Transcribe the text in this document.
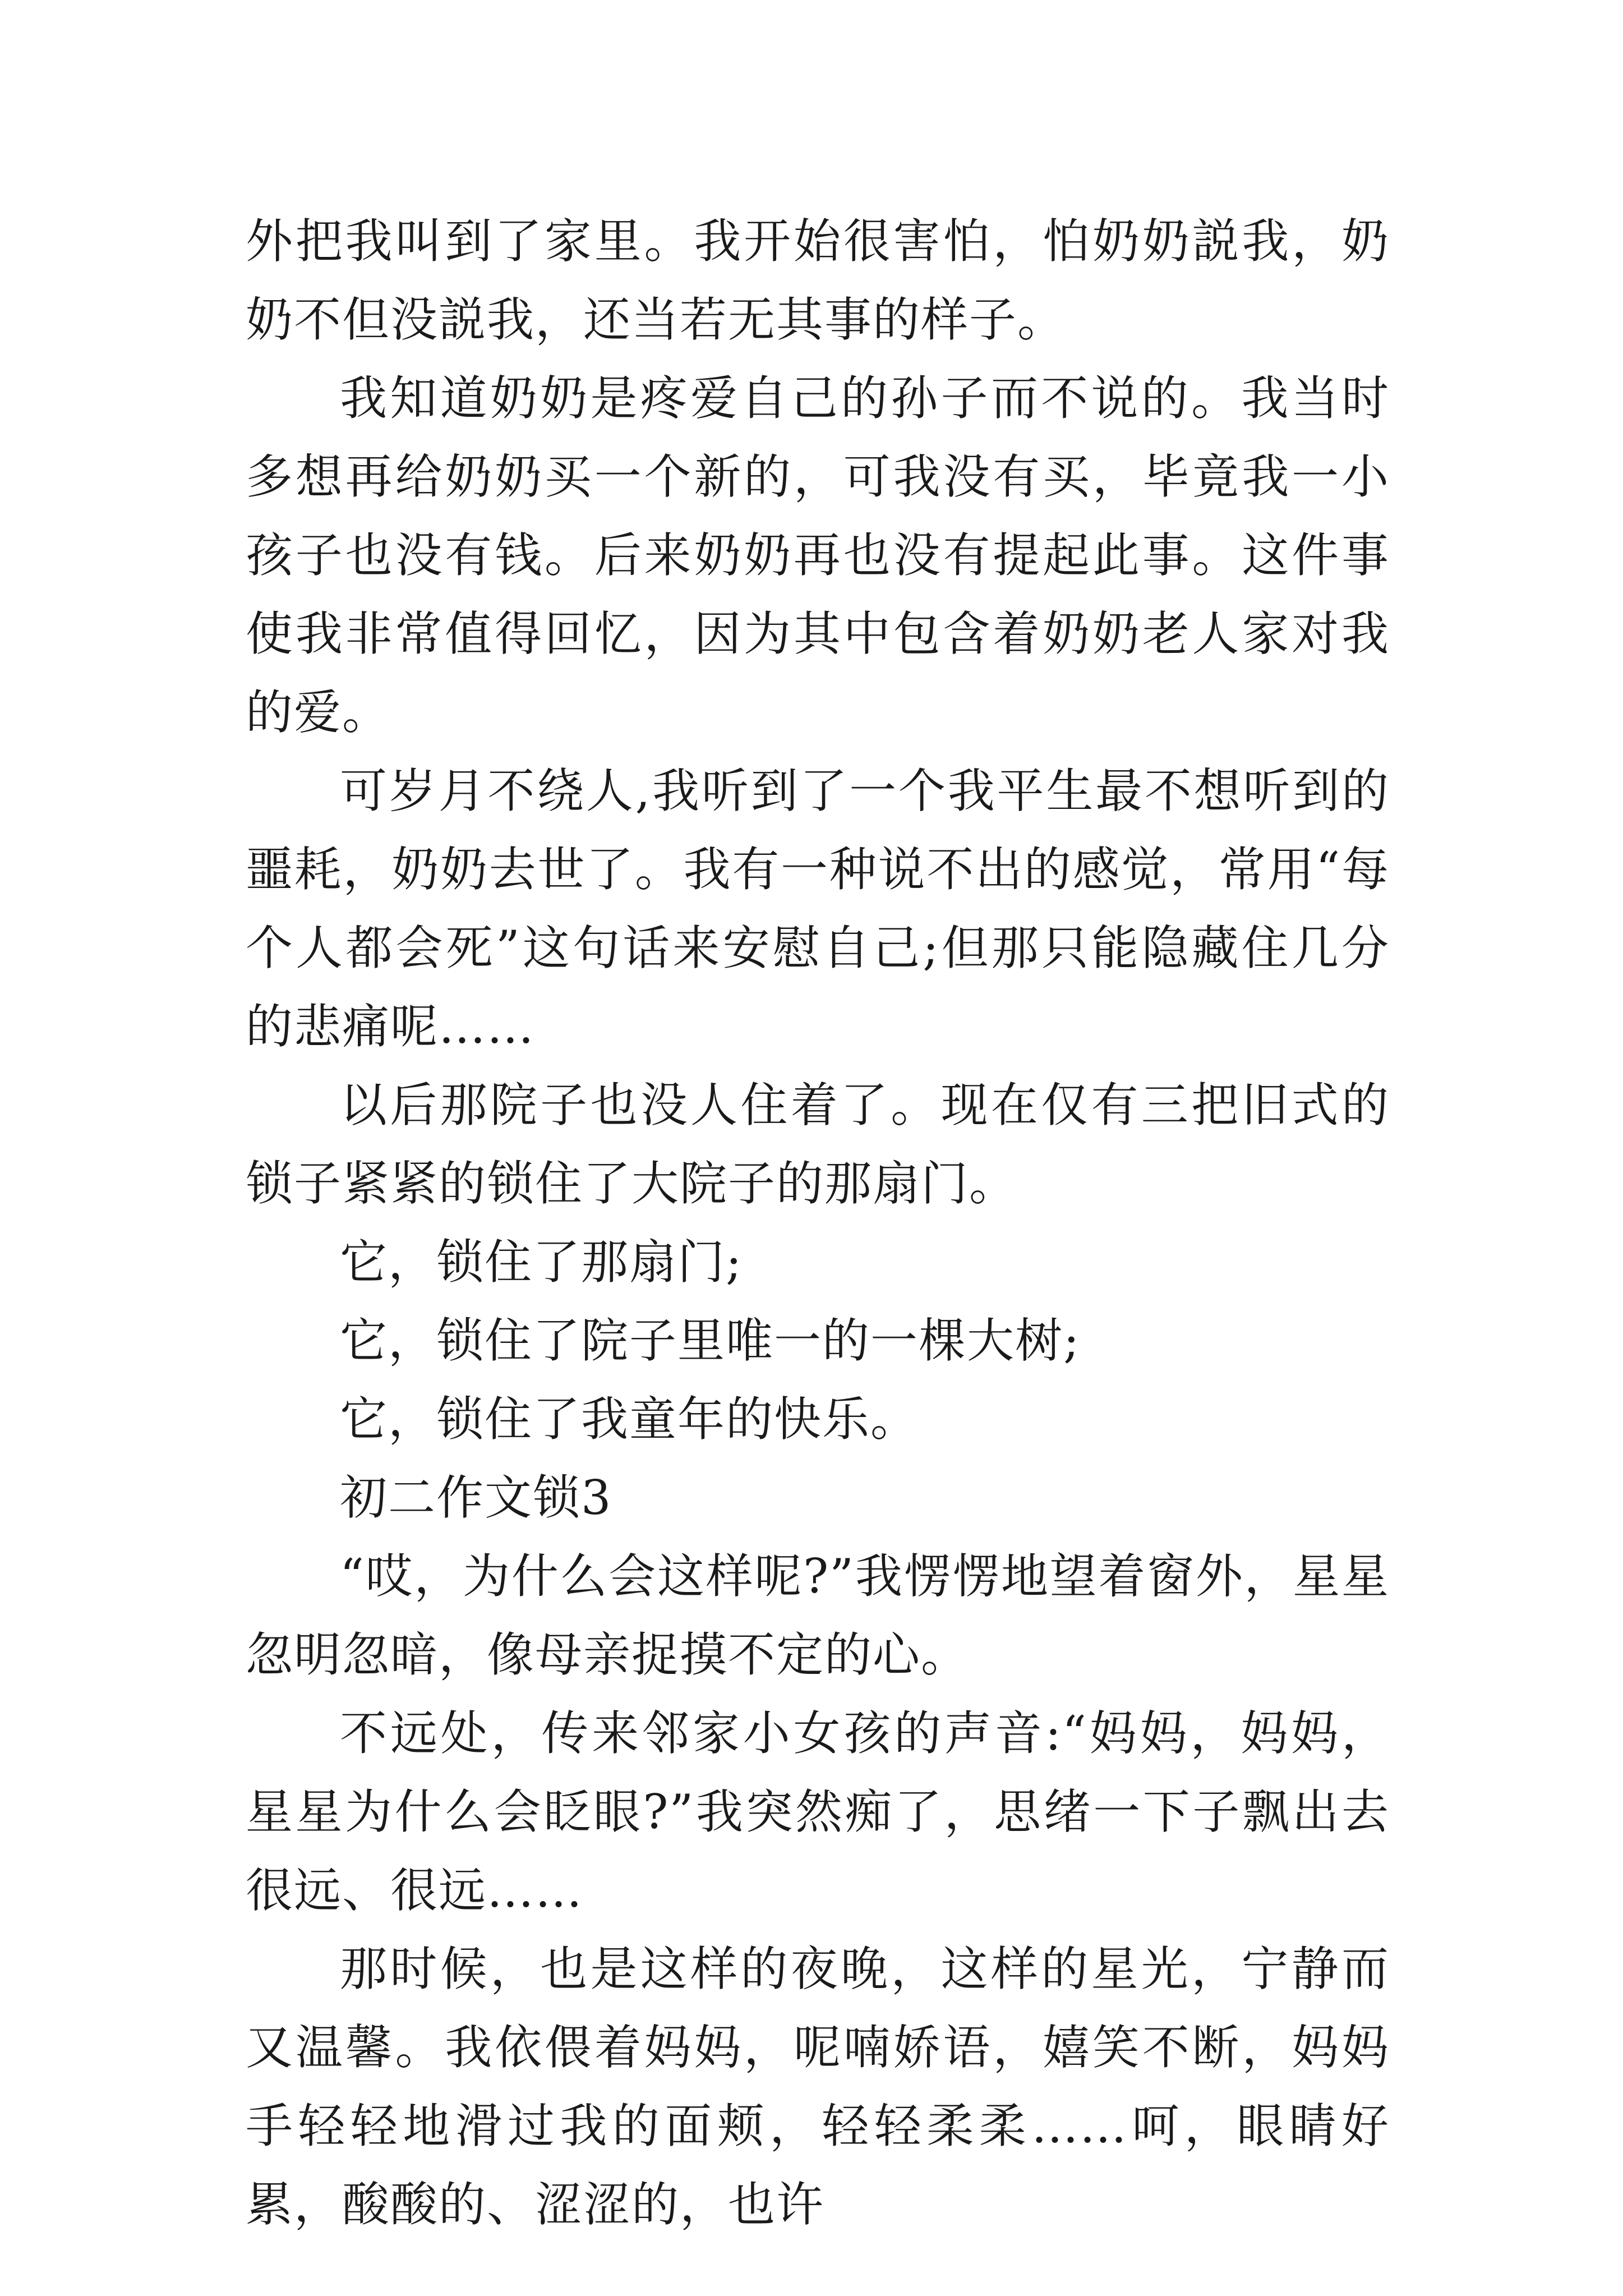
外把我叫到了家里。我开始很害怕，怕奶奶説我，奶奶不但没説我，还当若无其事的样子。

我知道奶奶是疼爱自己的孙子而不说的。我当时多想再给奶奶买一个新的，可我没有买，毕竟我一小孩子也没有钱。后来奶奶再也没有提起此事。这件事使我非常值得回忆，因为其中包含着奶奶老人家对我的爱。

可岁月不绕人,我听到了一个我平生最不想听到的噩耗，奶奶去世了。我有一种说不出的感觉，常用“每个人都会死”这句话来安慰自己;但那只能隐藏住几分的悲痛呢……

以后那院子也没人住着了。现在仅有三把旧式的锁子紧紧的锁住了大院子的那扇门。

它，锁住了那扇门;

它，锁住了院子里唯一的一棵大树;

它，锁住了我童年的快乐。

初二作文锁3

“哎，为什么会这样呢?”我愣愣地望着窗外，星星忽明忽暗，像母亲捉摸不定的心。

不远处，传来邻家小女孩的声音:“妈妈，妈妈，星星为什么会眨眼?”我突然痴了，思绪一下子飘出去很远、很远……

那时候，也是这样的夜晚，这样的星光，宁静而又温馨。我依偎着妈妈，呢喃娇语，嬉笑不断，妈妈手轻轻地滑过我的面颊，轻轻柔柔……呵，眼睛好累，酸酸的、涩涩的，也许
